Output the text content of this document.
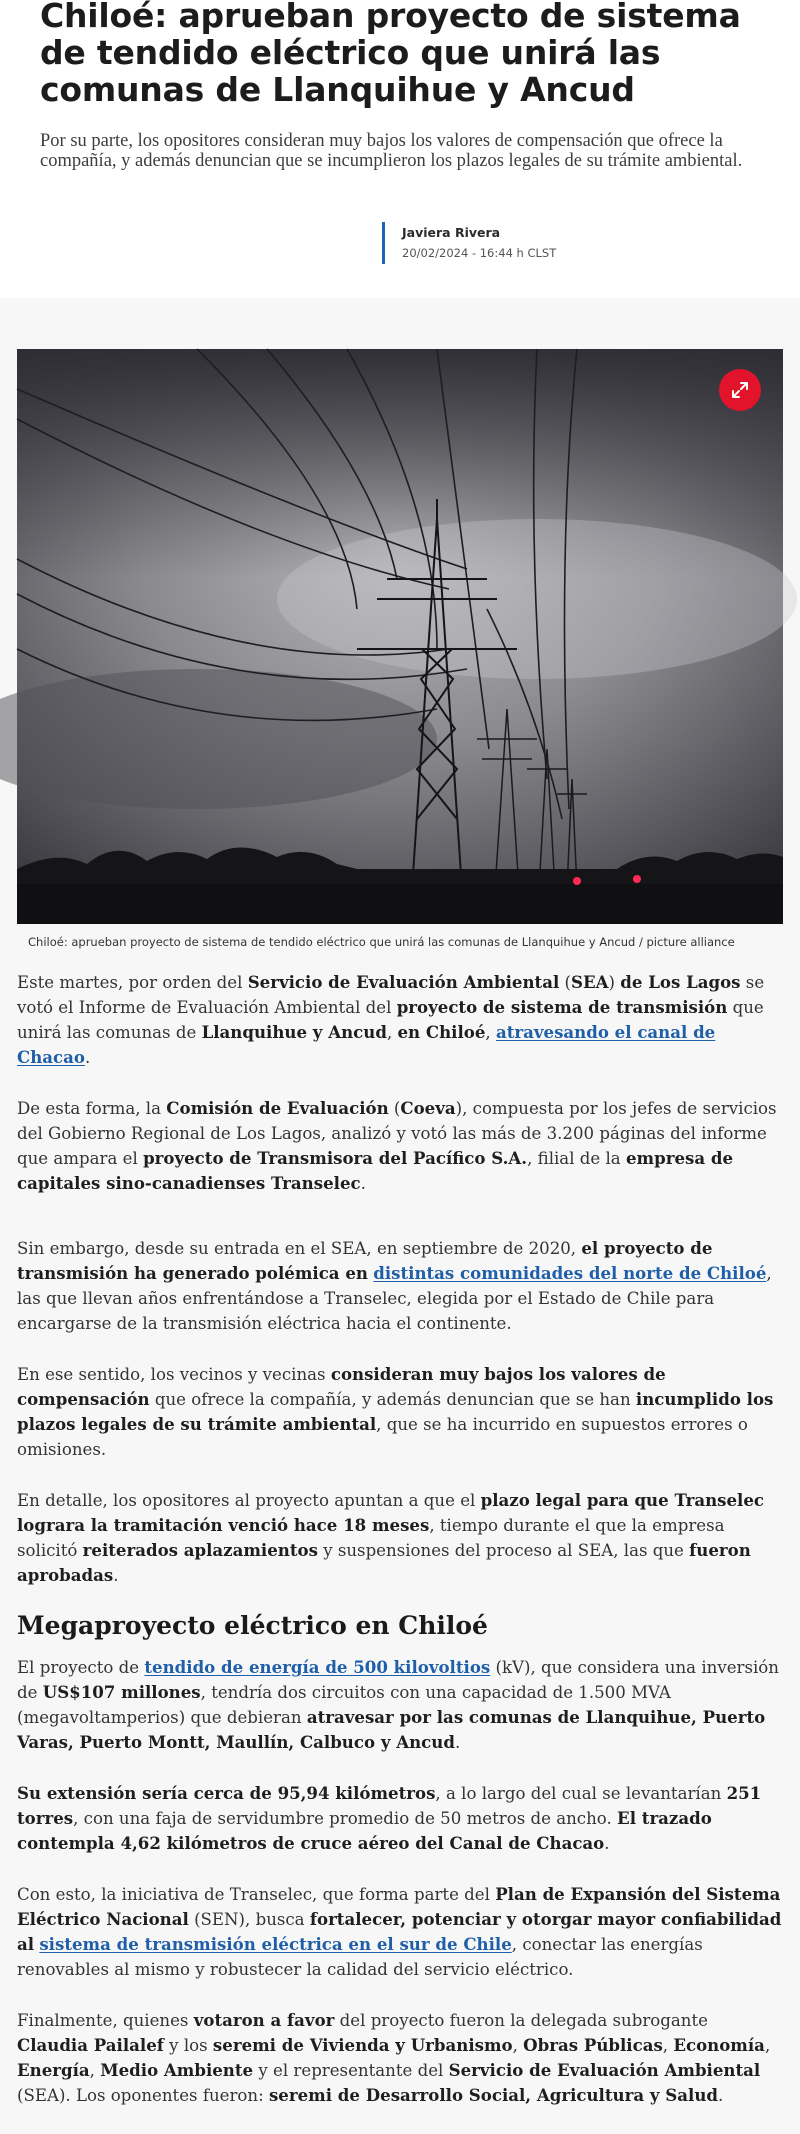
Chiloé: aprueban proyecto de sistema de tendido eléctrico que unirá las comunas de Llanquihue y Ancud

Por su parte, los opositores consideran muy bajos los valores de compensación que ofrece la compañía, y además denuncian que se incumplieron los plazos legales de su trámite ambiental.

Javiera Rivera
20/02/2024 - 16:44 h CLST
Chiloé: aprueban proyecto de sistema de tendido eléctrico que unirá las comunas de Llanquihue y Ancud / picture alliance

Este martes, por orden del Servicio de Evaluación Ambiental (SEA) de Los Lagos se votó el Informe de Evaluación Ambiental del proyecto de sistema de transmisión que unirá las comunas de Llanquihue y Ancud, en Chiloé, atravesando el canal de Chacao.

De esta forma, la Comisión de Evaluación (Coeva), compuesta por los jefes de servicios del Gobierno Regional de Los Lagos, analizó y votó las más de 3.200 páginas del informe que ampara el proyecto de Transmisora del Pacífico S.A., filial de la empresa de capitales sino-canadienses Transelec.

Sin embargo, desde su entrada en el SEA, en septiembre de 2020, el proyecto de transmisión ha generado polémica en distintas comunidades del norte de Chiloé, las que llevan años enfrentándose a Transelec, elegida por el Estado de Chile para encargarse de la transmisión eléctrica hacia el continente.

En ese sentido, los vecinos y vecinas consideran muy bajos los valores de compensación que ofrece la compañía, y además denuncian que se han incumplido los plazos legales de su trámite ambiental, que se ha incurrido en supuestos errores o omisiones.

En detalle, los opositores al proyecto apuntan a que el plazo legal para que Transelec lograra la tramitación venció hace 18 meses, tiempo durante el que la empresa solicitó reiterados aplazamientos y suspensiones del proceso al SEA, las que fueron aprobadas.

Megaproyecto eléctrico en Chiloé

El proyecto de tendido de energía de 500 kilovoltios (kV), que considera una inversión de US$107 millones, tendría dos circuitos con una capacidad de 1.500 MVA (megavoltamperios) que debieran atravesar por las comunas de Llanquihue, Puerto Varas, Puerto Montt, Maullín, Calbuco y Ancud.

Su extensión sería cerca de 95,94 kilómetros, a lo largo del cual se levantarían 251 torres, con una faja de servidumbre promedio de 50 metros de ancho. El trazado contempla 4,62 kilómetros de cruce aéreo del Canal de Chacao.

Con esto, la iniciativa de Transelec, que forma parte del Plan de Expansión del Sistema Eléctrico Nacional (SEN), busca fortalecer, potenciar y otorgar mayor confiabilidad al sistema de transmisión eléctrica en el sur de Chile, conectar las energías renovables al mismo y robustecer la calidad del servicio eléctrico.

Finalmente, quienes votaron a favor del proyecto fueron la delegada subrogante Claudia Pailalef y los seremi de Vivienda y Urbanismo, Obras Públicas, Economía, Energía, Medio Ambiente y el representante del Servicio de Evaluación Ambiental (SEA). Los oponentes fueron: seremi de Desarrollo Social, Agricultura y Salud.
